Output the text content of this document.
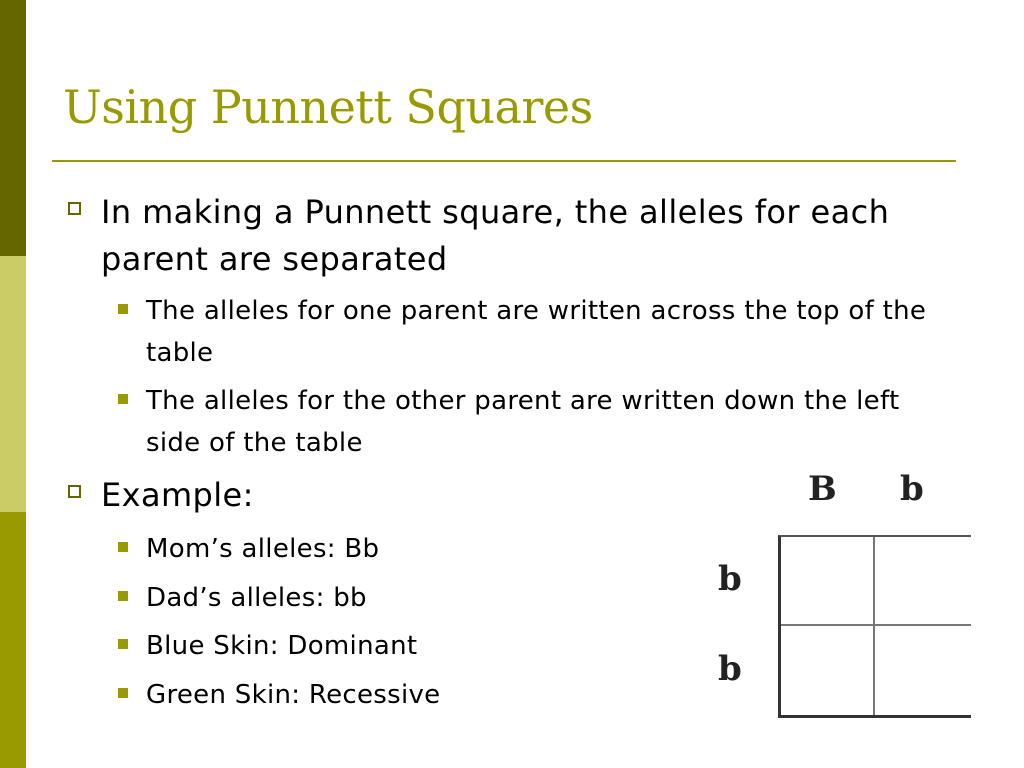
Using Punnett Squares
In making a Punnett square, the alleles for each parent are separated
The alleles for one parent are written across the top of the table
The alleles for the other parent are written down the left side of the table
Example:
Mom’s alleles: Bb
Dad’s alleles: bb
Blue Skin: Dominant
Green Skin: Recessive
B b
b
b
